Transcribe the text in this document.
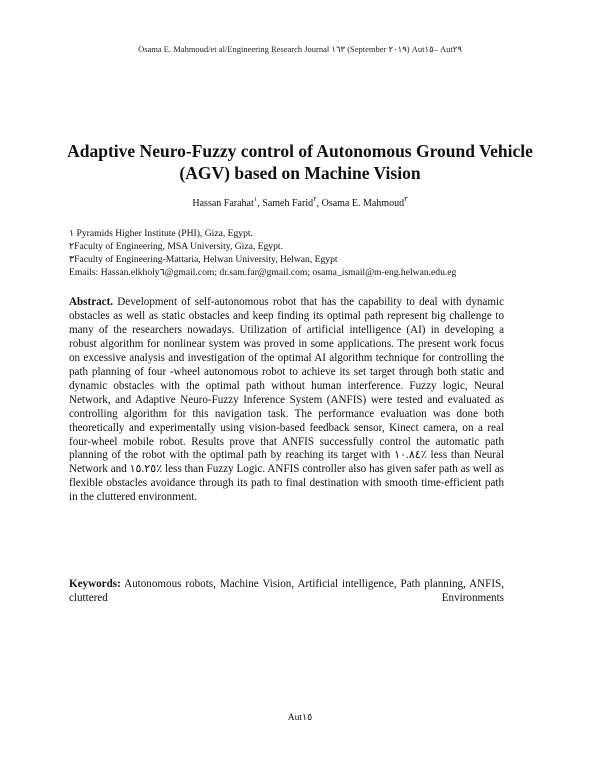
Osama E. Mahmoud/et al/Engineering Research Journal ١٦٣ (September ٢٠١٩) Aut١٥– Aut٢٩
Adaptive Neuro-Fuzzy control of Autonomous Ground Vehicle (AGV) based on Machine Vision
Hassan Farahat$^١$, Sameh Farid$^٢$, Osama E. Mahmoud$^٣$
١ Pyramids Higher Institute (PHI), Giza, Egypt.
٢Faculty of Engineering, MSA University, Giza, Egypt.
٣Faculty of Engineering-Mattaria, Helwan University, Helwan, Egypt
Emails: Hassan.elkholy٦@gmail.com; dr.sam.far@gmail.com; osama_ismail@m-eng.helwan.edu.eg

Abstract. Development of self-autonomous robot that has the capability to deal with dynamic obstacles as well as static obstacles and keep finding its optimal path represent big challenge to many of the researchers nowadays. Utilization of artificial intelligence (AI) in developing a robust algorithm for nonlinear system was proved in some applications. The present work focus on excessive analysis and investigation of the optimal AI algorithm technique for controlling the path planning of four -wheel autonomous robot to achieve its set target through both static and dynamic obstacles with the optimal path without human interference. Fuzzy logic, Neural Network, and Adaptive Neuro-Fuzzy Inference System (ANFIS) were tested and evaluated as controlling algorithm for this navigation task. The performance evaluation was done both theoretically and experimentally using vision-based feedback sensor, Kinect camera, on a real four-wheel mobile robot. Results prove that ANFIS successfully control the automatic path planning of the robot with the optimal path by reaching its target with ١٠.٨٤٪ less than Neural Network and ١٥.٢٥٪ less than Fuzzy Logic. ANFIS controller also has given safer path as well as flexible obstacles avoidance through its path to final destination with smooth time-efficient path in the cluttered environment.

Keywords: Autonomous robots, Machine Vision, Artificial intelligence, Path planning, ANFIS, cluttered Environments

Aut١٥
